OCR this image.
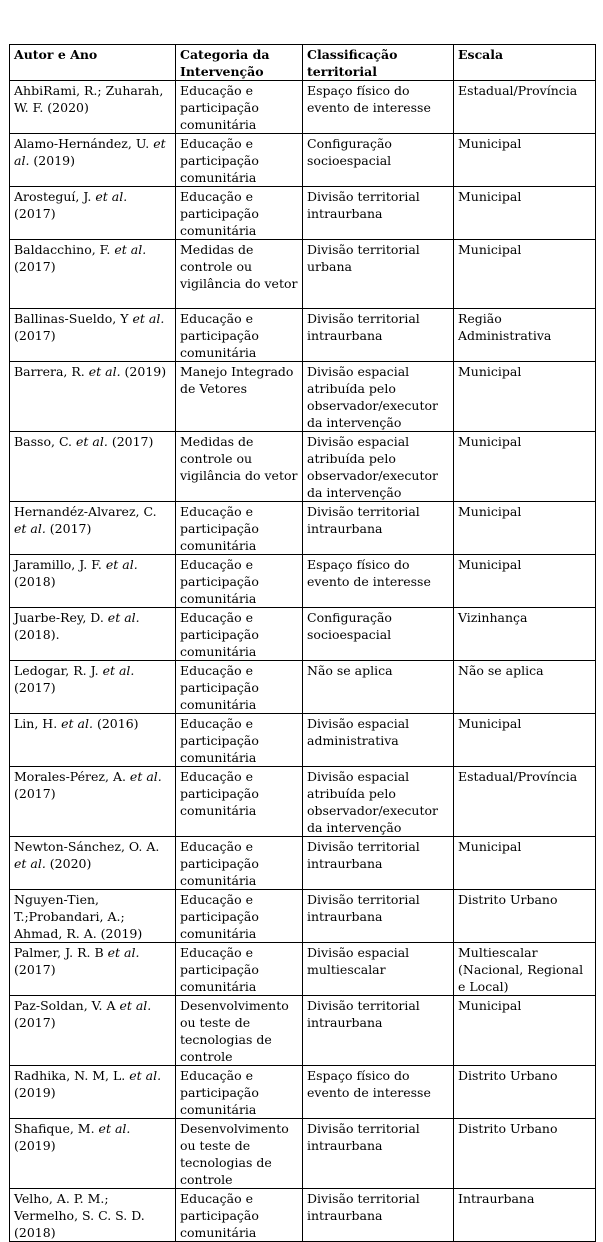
Autor e Ano	Categoria da Intervenção	Classificação territorial	Escala

AhbiRami, R.; Zuharah, W. F. (2020)	Educação e participação comunitária	Espaço físico do evento de interesse	Estadual/Província

Alamo-Hernández, U. et al. (2019)	Educação e participação comunitária	Configuração socioespacial	Municipal

Arosteguí, J. et al. (2017)	Educação e participação comunitária	Divisão territorial intraurbana	Municipal

Baldacchino, F. et al. (2017)	Medidas de controle ou vigilância do vetor	Divisão territorial urbana	Municipal

Ballinas-Sueldo, Y et al. (2017)	Educação e participação comunitária	Divisão territorial intraurbana	Região Administrativa

Barrera, R. et al. (2019)	Manejo Integrado de Vetores	Divisão espacial atribuída pelo observador/executor da intervenção	Municipal

Basso, C. et al. (2017)	Medidas de controle ou vigilância do vetor	Divisão espacial atribuída pelo observador/executor da intervenção	Municipal

Hernandéz-Alvarez, C. et al. (2017)	Educação e participação comunitária	Divisão territorial intraurbana	Municipal

Jaramillo, J. F. et al. (2018)	Educação e participação comunitária	Espaço físico do evento de interesse	Municipal

Juarbe-Rey, D. et al. (2018).	Educação e participação comunitária	Configuração socioespacial	Vizinhança

Ledogar, R. J. et al. (2017)	Educação e participação comunitária	Não se aplica	Não se aplica

Lin, H. et al. (2016)	Educação e participação comunitária	Divisão espacial administrativa	Municipal

Morales-Pérez, A. et al. (2017)	Educação e participação comunitária	Divisão espacial atribuída pelo observador/executor da intervenção	Estadual/Província

Newton-Sánchez, O. A. et al. (2020)	Educação e participação comunitária	Divisão territorial intraurbana	Municipal

Nguyen-Tien, T.;Probandari, A.; Ahmad, R. A. (2019)	Educação e participação comunitária	Divisão territorial intraurbana	Distrito Urbano

Palmer, J. R. B et al. (2017)	Educação e participação comunitária	Divisão espacial multiescalar	Multiescalar (Nacional, Regional e Local)

Paz-Soldan, V. A et al. (2017)	Desenvolvimento ou teste de tecnologias de controle	Divisão territorial intraurbana	Municipal

Radhika, N. M, L. et al. (2019)	Educação e participação comunitária	Espaço físico do evento de interesse	Distrito Urbano

Shafique, M. et al. (2019)	Desenvolvimento ou teste de tecnologias de controle	Divisão territorial intraurbana	Distrito Urbano

Velho, A. P. M.; Vermelho, S. C. S. D. (2018)	Educação e participação comunitária	Divisão territorial intraurbana	Intraurbana
